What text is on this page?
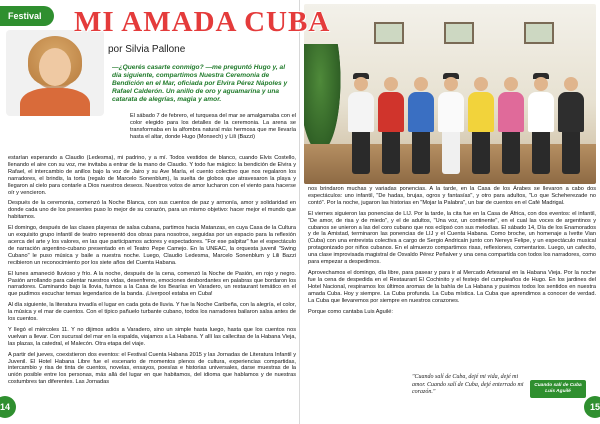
Festival
por Silvia Pallone
—¿Querés casarte conmigo? —me preguntó Hugo y, al día siguiente, compartimos Nuestra Ceremonia de Bendición en el Mar, oficiada por Elvira Pérez Nápoles y Rafael Calderón. Un anillo de oro y aguamarina y una catarata de alegrías, magia y amor.
El sábado 7 de febrero, el turquesa del mar se amalgamaba con el color elegido para los detalles de la ceremonia. La arena se transformaba en la alfombra natural más hermosa que me llevaría hasta el altar, donde Hugo (Monsech) y Lili (Bazzi)

estarían esperando a Claudio (Ledesma), mi padrino, y a mí. Todos vestidos de blanco, cuando Elvis Costello, llenando el aire con su voz, me invitaba a entrar de la mano de Claudio. Y todo fue mágico: la bendición de Elvira y Rafael, el intercambio de anillos bajo la voz de Jairo y su Ave María, el cuento colectivo que nos regalaron los narradores, el brindis, la torta (regalo de Marcelo Sonenblum), la suelta de globos que atravesaron la playa y llegaron al cielo para contarle a Dios nuestros deseos. Nuestros votos de amor lucharon con el viento para hacerse oír y vencieron.

Después de la ceremonia, comenzó la Noche Blanca, con sus cuentos de paz y armonía, amor y solidaridad en donde cada uno de los presentes puso lo mejor de su corazón, para un mismo objetivo: hacer mejor el mundo que habitamos.

El domingo, después de las clases playeras de salsa cubana, partimos hacia Matanzas, en cuya Casa de la Cultura un exquisito grupo infantil de teatro representó dos obras para nosotros, seguidas por un espacio para la reflexión acerca del arte y los valores, en las que participamos actores y espectadores. "For ese palpitar" fue el espectáculo de narración argentino-cubano presentado en el Teatro Pepe Camejo. En la UNEAC, la orquesta juvenil "Swing Cubano" le puso música y baile a nuestra noche. Luego, Claudio Ledesma, Marcelo Sonenblum y Lili Bazzi recibieron un reconocimiento por los siete años del Cuenta Habana.

El lunes amaneció lluvioso y frío. A la noche, después de la cena, comenzó la Noche de Pasión, en rojo y negro. Pasión arrollando para calentar nuestros vidas, desenfreno, emociones desbordantes en palabras que bordaron los narradores. Caminando bajo la llovia, fuimos a la Casa de los Bearías en Varadero, un restaurant temático en el que pudimos escuchar temas legendarios de la banda. ¡Liverpool estaba en Cuba!

Al día siguiente, la literatura invadía el lugar en cada gota de lluvia. Y fue la Noche Caribeña, con la alegría, el color, la música y el mar de cuentos. Con el típico pañuelo turbante cubano, todos los narradores bailaron salsa antes de los cuentos.

Y llegó el miércoles 11. Y no dijimos adiós a Varadero, sino un simple hasta luego, hasta que los cuentos nos vuelvan a llevar. Con sucursal del mar en la espalda, viajamos a La Habana. Y allí las callecitas de la Habana Vieja, las plazas, la catedral, el Malecón. Otra etapa del viaje.

A partir del jueves, coexistieron dos eventos: el Festival Cuenta Habana 2015 y las Jornadas de Literatura Infantil y Juvenil. El Hotel Habana Libre fue el escenario de momentos plenos de cultura, experiencias compartidas, intercambio y risa de tinta de cuentos, novelas, ensayos, poesías e historias universales, darse muestras de la unión posible entre los personas, más allá del lugar en que habitamos, del idioma que hablamos y de nuestras costumbres tan diferentes. Las Jornadas

14

nos brindaron muchas y variadas ponencias. A la tarde, en la Casa de los Árabes se llevaron a cabo dos espectáculos: uno infantil, "De hadas, brujas, ogros y fantasías", y otro para adultos, "Lo que Scheherezade no contó". Por la noche, jugaron las historias en "Mojar la Palabra", un bar de cuentos en el Café Madrigal.

El viernes siguieron las ponencias de LIJ. Por la tarde, la cita fue en la Casa de África, con dos eventos: el infantil, "De amor, de risa y de miedo", y el de adultos, "Una voz, un continente", en el cual las voces de argentinos y cubanos se unieron a las del coro cubano que nos eclipsó con sus melodías. El sábado 14, Día de los Enamorados y de la Amistad, terminaron las ponencias de LIJ y el Cuenta Habana. Como broche, un homenaje a Ivette Vian (Cuba) con una entrevista colectiva a cargo de Sergio Andricaín junto con Nereys Felipe, y un espectáculo musical protagonizado por niños cubanos. En el almuerzo compartimos risas, reflexiones, comentarios. Luego, un cafecito, una clase improvisada magistral de Osvaldo Pérez Peñalver y una cena compartida con todos los narradores, como para empezar a despedirnos.

Aprovechamos el domingo, día libre, para pasear y para ir al Mercado Artesanal en la Habana Vieja. Por la noche fue la cena de despedida en el Restaurant El Cochinito y el festejo del cumpleaños de Hugo. En los jardines del Hotel Nacional, respiramos los últimos aromas de la bahía de La Habana y pusimos todos los sentidos en nuestra amada Cuba. Hoy y siempre. La Cuba profunda. La Cuba mística. La Cuba que aprendimos a conocer de verdad. La Cuba que llevaremos por siempre en nuestros corazones.

Porque como cantaba Luis Aguilé:

"Cuando salí de Cuba, dejé mi vida, dejé mi amor. Cuando salí de Cuba, dejé enterrado mi corazón."
Cuando salí de Cuba Luis Aguilé
15
MI AMADA CUBA
